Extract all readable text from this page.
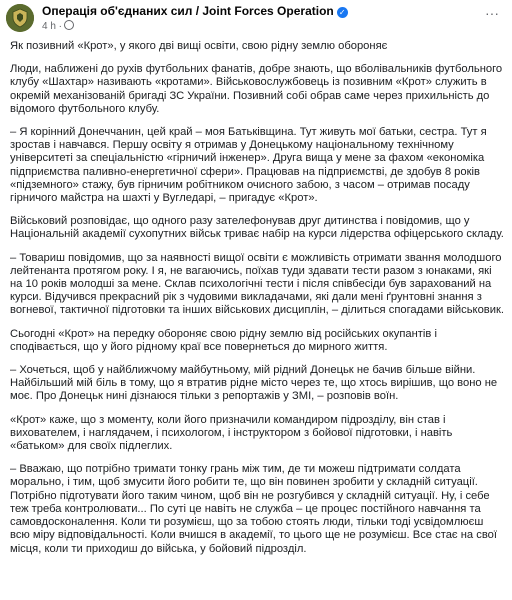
Операція об'єднаних сил / Joint Forces Operation ✓
4 h ·
···

Як позивний «Крот», у якого дві вищі освіти, свою рідну землю обороняє

Люди, наближені до рухів футбольних фанатів, добре знають, що вболівальників футбольного клубу «Шахтар» називають «кротами». Військовослужбовець із позивним «Крот» служить в окремій механізованій бригаді ЗС України. Позивний собі обрав саме через прихильність до відомого футбольного клубу.

– Я корінний Донеччанин, цей край – моя Батьківщина. Тут живуть мої батьки, сестра. Тут я зростав і навчався. Першу освіту я отримав у Донецькому національному технічному університеті за спеціальністю «гірничий інженер». Друга вища у мене за фахом «економіка підприємства паливно-енергетичної сфери». Працював на підприємстві, де здобув 8 років «підземного» стажу, був гірничим робітником очисного забою, з часом – отримав посаду гірничого майстра на шахті у Вугледарі, – пригадує «Крот».

Військовий розповідає, що одного разу зателефонував друг дитинства і повідомив, що у Національній академії сухопутних військ триває набір на курси лідерства офіцерського складу.

– Товариш повідомив, що за наявності вищої освіти є можливість отримати звання молодшого лейтенанта протягом року. І я, не вагаючись, поїхав туди здавати тести разом з юнаками, які на 10 років молодші за мене. Склав психологічні тести і після співбесіди був зарахований на курси. Відучився прекрасний рік з чудовими викладачами, які дали мені ґрунтовні знання з вогневої, тактичної підготовки та інших військових дисциплін, – ділиться спогадами військовик.

Сьогодні «Крот» на передку обороняє свою рідну землю від російських окупантів і сподівається, що у його рідному краї все повернеться до мирного життя.

– Хочеться, щоб у найближчому майбутньому, мій рідний Донецьк не бачив більше війни. Найбільший мій біль в тому, що я втратив рідне місто через те, що хтось вирішив, що воно не моє. Про Донецьк нині дізнаюся тільки з репортажів у ЗМІ, – розповів воїн.

«Крот» каже, що з моменту, коли його призначили командиром підрозділу, він став і вихователем, і наглядачем, і психологом, і інструктором з бойової підготовки, і навіть «батьком» для своїх підлеглих.

– Вважаю, що потрібно тримати тонку грань між тим, де ти можеш підтримати солдата морально, і тим, щоб змусити його робити те, що він повинен зробити у складній ситуації. Потрібно підготувати його таким чином, щоб він не розгубився у складній ситуації. Ну, і себе теж треба контролювати... По суті це навіть не служба – це процес постійного навчання та самовдосконалення. Коли ти розумієш, що за тобою стоять люди, тільки тоді усвідомлюєш всю міру відповідальності. Коли вчишся в академії, то цього ще не розумієш. Все стає на свої місця, коли ти приходиш до війська, у бойовий підрозділ.
